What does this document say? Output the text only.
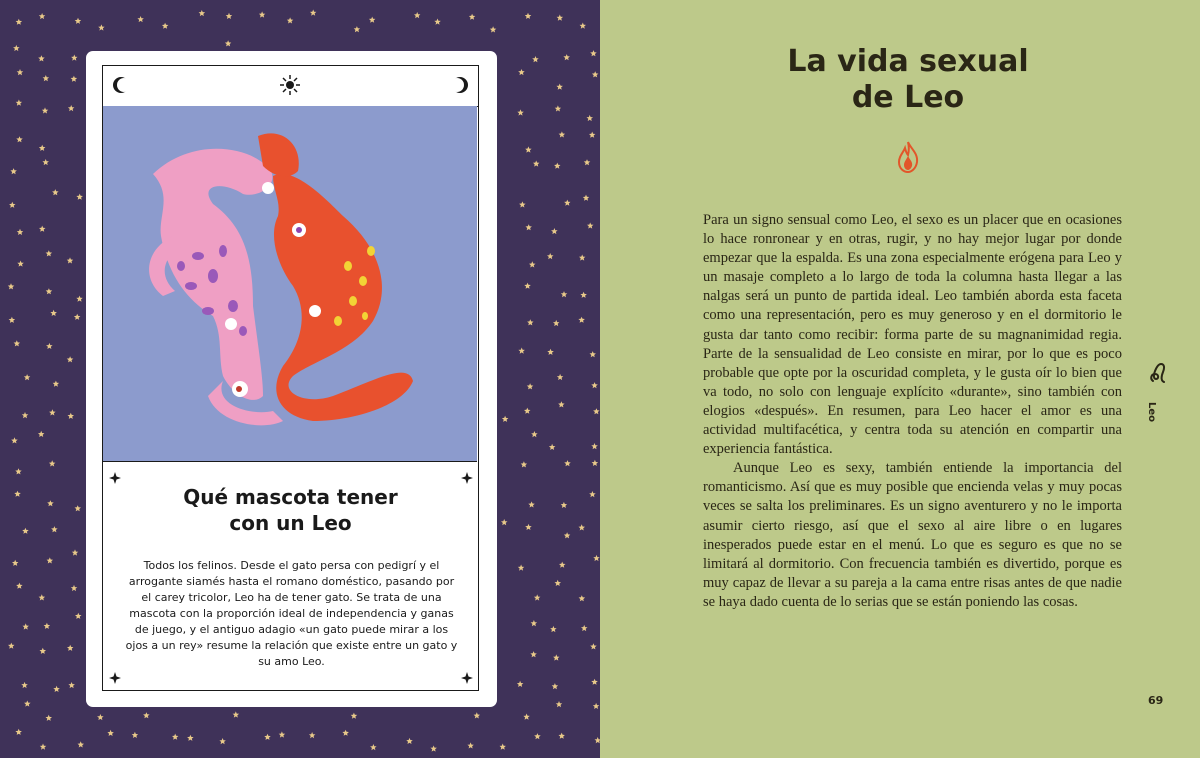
Qué mascota tener
con un Leo
Todos los felinos. Desde el gato persa con pedigrí y el arrogante siamés hasta el romano doméstico, pasando por el carey tricolor, Leo ha de tener gato. Se trata de una mascota con la proporción ideal de independencia y ganas de juego, y el antiguo adagio «un gato puede mirar a los ojos a un rey» resume la relación que existe entre un gato y su amo Leo.
La vida sexual
de Leo

Para un signo sensual como Leo, el sexo es un placer que en ocasiones lo hace ronronear y en otras, rugir, y no hay mejor lugar por donde empezar que la espalda. Es una zona especialmente erógena para Leo y un masaje completo a lo largo de toda la columna hasta llegar a las nalgas será un punto de partida ideal. Leo también aborda esta faceta como una representación, pero es muy generoso y en el dormitorio le gusta dar tanto como recibir: forma parte de su magnanimidad regia. Parte de la sensualidad de Leo consiste en mirar, por lo que es poco probable que opte por la oscuridad completa, y le gusta oír lo bien que va todo, no solo con lenguaje explícito «durante», sino también con elogios «después». En resumen, para Leo hacer el amor es una actividad multifacética, y centra toda su atención en compartir una experiencia fantástica.

Aunque Leo es sexy, también entiende la importancia del romanticismo. Así que es muy posible que encienda velas y muy pocas veces se salta los preliminares. Es un signo aventurero y no le importa asumir cierto riesgo, así que el sexo al aire libre o en lugares inesperados puede estar en el menú. Lo que es seguro es que no se limitará al dormitorio. Con frecuencia también es divertido, porque es muy capaz de llevar a su pareja a la cama entre risas antes de que nadie se haya dado cuenta de lo serias que se están poniendo las cosas.

Leo
69
